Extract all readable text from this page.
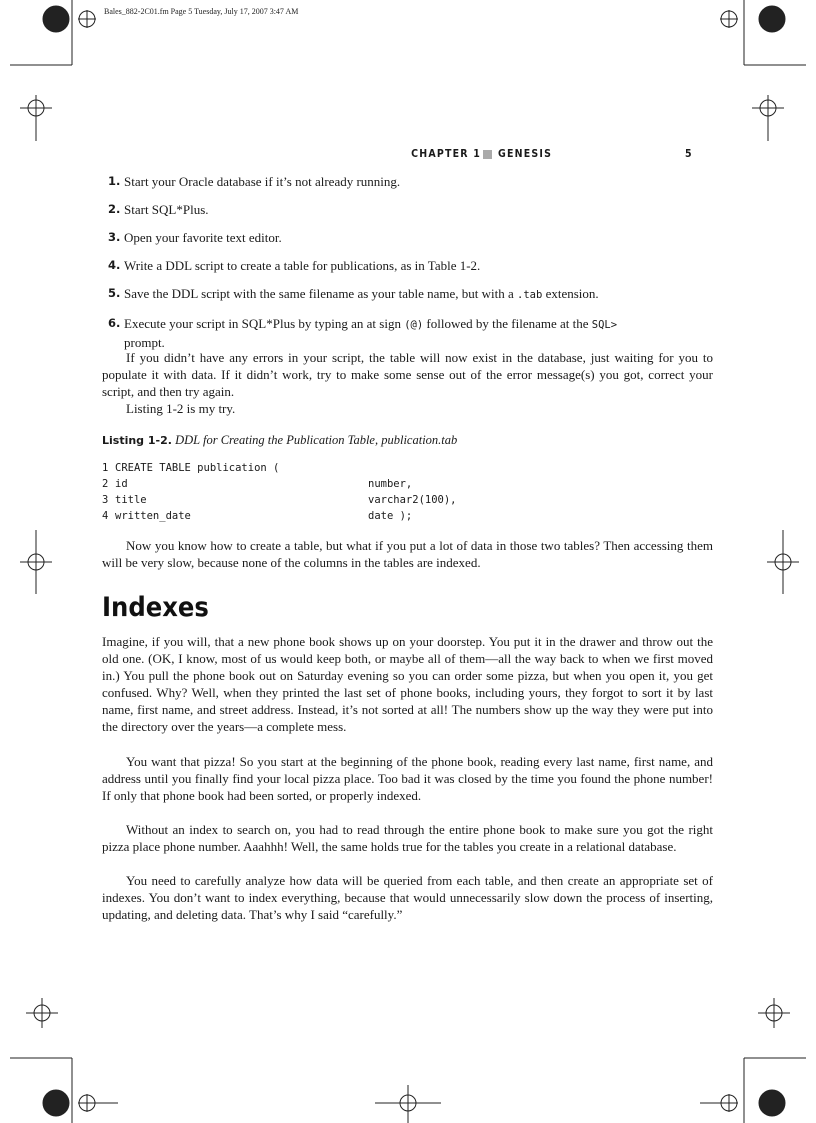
Bales_882-2C01.fm Page 5 Tuesday, July 17, 2007 3:47 AM
CHAPTER 1 GENESIS	5
1. Start your Oracle database if it’s not already running.
2. Start SQL*Plus.
3. Open your favorite text editor.
4. Write a DDL script to create a table for publications, as in Table 1-2.
5. Save the DDL script with the same filename as your table name, but with a .tab extension.
6. Execute your script in SQL*Plus by typing an at sign (@) followed by the filename at the SQL> prompt.

If you didn’t have any errors in your script, the table will now exist in the database, just waiting for you to populate it with data. If it didn’t work, try to make some sense out of the error message(s) you got, correct your script, and then try again.

Listing 1-2 is my try.

Listing 1-2. DDL for Creating the Publication Table, publication.tab
1 CREATE TABLE publication (
2 id	number,
3 title	varchar2(100),
4 written_date	date );

Now you know how to create a table, but what if you put a lot of data in those two tables? Then accessing them will be very slow, because none of the columns in the tables are indexed.

Indexes

Imagine, if you will, that a new phone book shows up on your doorstep. You put it in the drawer and throw out the old one. (OK, I know, most of us would keep both, or maybe all of them—all the way back to when we first moved in.) You pull the phone book out on Saturday evening so you can order some pizza, but when you open it, you get confused. Why? Well, when they printed the last set of phone books, including yours, they forgot to sort it by last name, first name, and street address. Instead, it’s not sorted at all! The numbers show up the way they were put into the directory over the years—a complete mess.

You want that pizza! So you start at the beginning of the phone book, reading every last name, first name, and address until you finally find your local pizza place. Too bad it was closed by the time you found the phone number! If only that phone book had been sorted, or properly indexed.

Without an index to search on, you had to read through the entire phone book to make sure you got the right pizza place phone number. Aaahhh! Well, the same holds true for the tables you create in a relational database.

You need to carefully analyze how data will be queried from each table, and then create an appropriate set of indexes. You don’t want to index everything, because that would unnecessarily slow down the process of inserting, updating, and deleting data. That’s why I said “carefully.”
